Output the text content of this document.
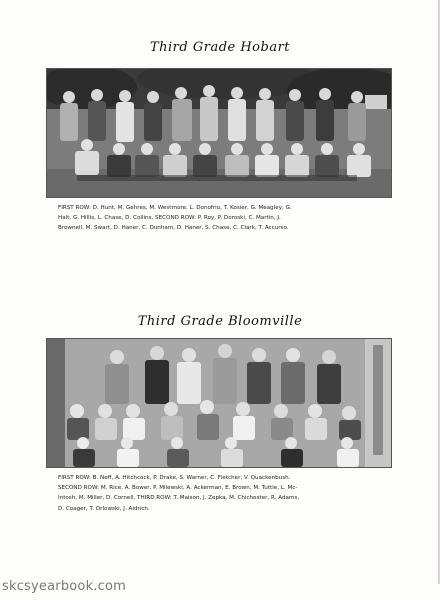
Third Grade Hobart
FIRST ROW: D. Hunt, M. Gehres, M. Westmore, L. Donofrio, T. Kosier, G. Meagley, G.
Halt, G. Hillis, L. Chase, D. Collins, SECOND ROW: P. Roy, P. Doroski, C. Martin, J.
Brownell, M. Swart, D. Haner, C. Dunham, D. Haner, S. Chase, C. Clark, T. Accurso.
Third Grade Bloomville
FIRST ROW: B. Neff, A. Hitchcock, P. Drake, S. Warner, C. Fletcher, V. Quackenbush.
SECOND ROW: M. Rice, A. Bower, P. Milewski, A. Ackerman, E. Brown, M. Tuttle, L. Mc-
Intosh, M. Miller, D. Cornell, THIRD ROW: T. Maison, J. Zepka, M. Chichester, R. Adams,
D. Coager, T. Orlowski, J. Aldrich.
skcsyearbook.com
